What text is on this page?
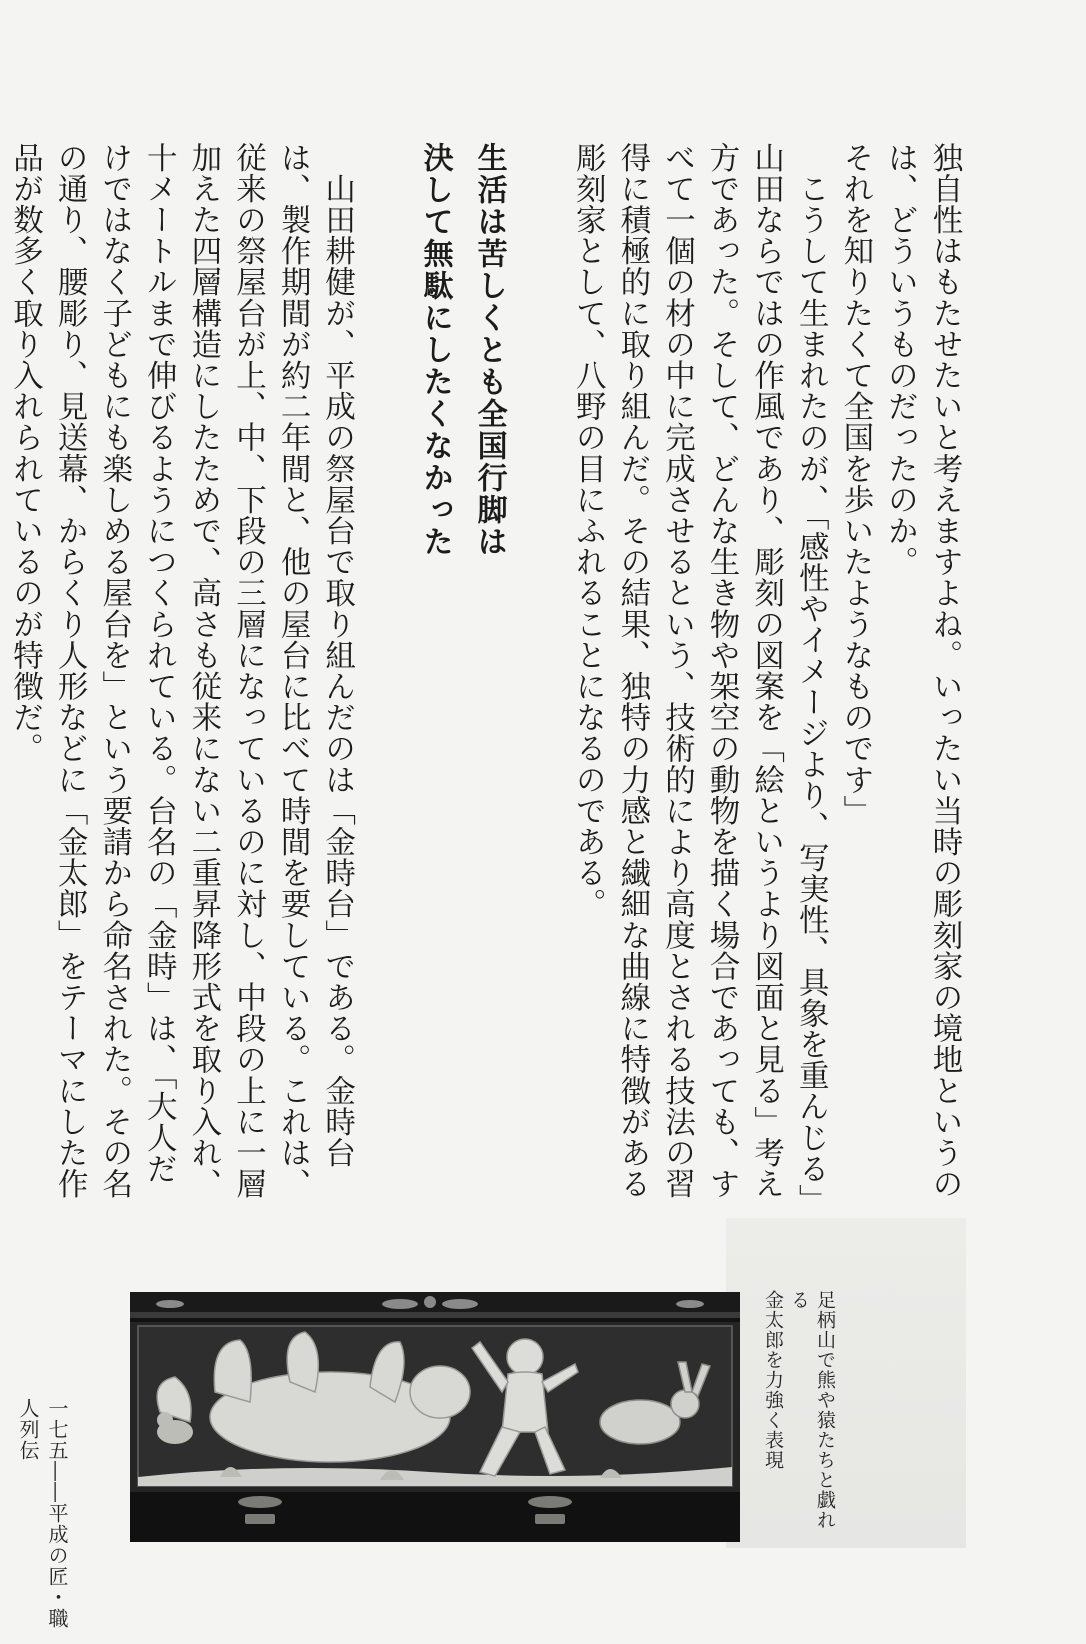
独自性はもたせたいと考えますよね。いったい当時の彫刻家の境地というのは、どういうものだったのか。

それを知りたくて全国を歩いたようなものです」

　こうして生まれたのが、「感性やイメージより、写実性、具象を重んじる」山田ならではの作風であり、彫刻の図案を「絵というより図面と見る」考え方であった。そして、どんな生き物や架空の動物を描く場合であっても、すべて一個の材の中に完成させるという、技術的により高度とされる技法の習得に積極的に取り組んだ。その結果、独特の力感と繊細な曲線に特徴がある彫刻家として、八野の目にふれることになるのである。

生活は苦しくとも全国行脚は

決して無駄にしたくなかった

　山田耕健が、平成の祭屋台で取り組んだのは「金時台」である。金時台は、製作期間が約二年間と、他の屋台に比べて時間を要している。これは、従来の祭屋台が上、中、下段の三層になっているのに対し、中段の上に一層加えた四層構造にしたためで、高さも従来にない二重昇降形式を取り入れ、十メートルまで伸びるようにつくられている。台名の「金時」は、「大人だけではなく子どもにも楽しめる屋台を」という要請から命名された。その名の通り、腰彫り、見送幕、からくり人形などに「金太郎」をテーマにした作品が数多く取り入れられているのが特徴だ。

足柄山で熊や猿たちと戯れる
金太郎を力強く表現
一七五――平成の匠・職人列伝
